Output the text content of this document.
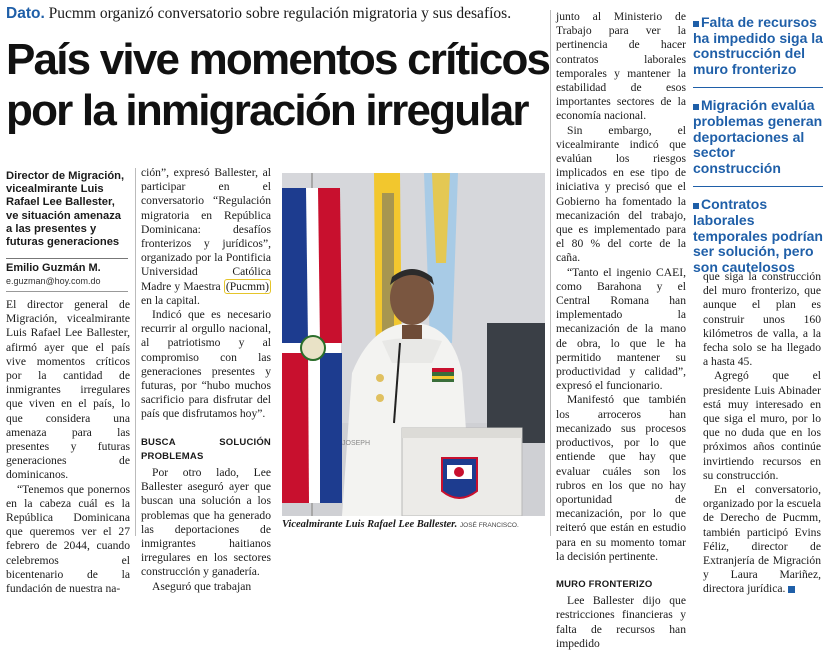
Dato. Pucmm organizó conversatorio sobre regulación migratoria y sus desafíos.
País vive momentos críticos
por la inmigración irregular
Director de Migración, vicealmirante Luis Rafael Lee Ballester, ve situación amenaza a las presentes y futuras generaciones
Emilio Guzmán M.
e.guzman@hoy.com.do

El director general de Migración, vicealmirante Luis Rafael Lee Ballester, afirmó ayer que el país vive momentos críticos por la cantidad de inmigrantes irregulares que viven en el país, lo que considera una amenaza para las presentes y futuras generaciones de dominicanos.

“Tenemos que ponernos en la cabeza cuál es la República Dominicana que queremos ver el 27 febrero de 2044, cuando celebremos el bicentenario de la fundación de nuestra na-

ción”, expresó Ballester, al participar en el conversatorio “Regulación migratoria en República Dominicana: desafíos fronterizos y jurídicos”, organizado por la Pontificia Universidad Católica Madre y Maestra (Pucmm) en la capital.

Indicó que es necesario recurrir al orgullo nacional, al patriotismo y al compromiso con las generaciones presentes y futuras, por “hubo muchos sacrificio para disfrutar del país que disfrutamos hoy”.

BUSCA SOLUCIÓN PROBLEMAS

Por otro lado, Lee Ballester aseguró ayer que buscan una solución a los problemas que ha generado las deportaciones de inmigrantes haitianos irregulares en los sectores construcción y ganadería.

Aseguró que trabajan

JOSEPH
Vicealmirante Luis Rafael Lee Ballester. JOSÉ FRANCISCO.

junto al Ministerio de Trabajo para ver la pertinencia de hacer contratos laborales temporales y mantener la estabilidad de esos importantes sectores de la economía nacional.

Sin embargo, el vicealmirante indicó que evalúan los riesgos implicados en ese tipo de iniciativa y precisó que el Gobierno ha fomentado la mecanización del trabajo, que es implementado para el 80 % del corte de la caña.

“Tanto el ingenio CAEI, como Barahona y el Central Romana han implementado la mecanización de la mano de obra, lo que le ha permitido mantener su productividad y calidad”, expresó el funcionario.

Manifestó que también los arroceros han mecanizado sus procesos productivos, por lo que entiende que hay que evaluar cuáles son los rubros en los que no hay oportunidad de mecanización, por lo que reiteró que están en estudio para en su momento tomar la decisión pertinente.

MURO FRONTERIZO

Lee Ballester dijo que restricciones financieras y falta de recursos han impedido

Falta de recursos ha impedido siga la construcción del muro fronterizo
Migración evalúa problemas generan deportaciones al sector construcción
Contratos laborales temporales podrían ser solución, pero son cautelosos

que siga la construcción del muro fronterizo, que aunque el plan es construir unos 160 kilómetros de valla, a la fecha solo se ha llegado a hasta 45.

Agregó que el presidente Luis Abinader está muy interesado en que siga el muro, por lo que no duda que en los próximos años continúe invirtiendo recursos en su construcción.

En el conversatorio, organizado por la escuela de Derecho de Pucmm, también participó Evins Féliz, director de Extranjería de Migración y Laura Mariñez, directora jurídica.
